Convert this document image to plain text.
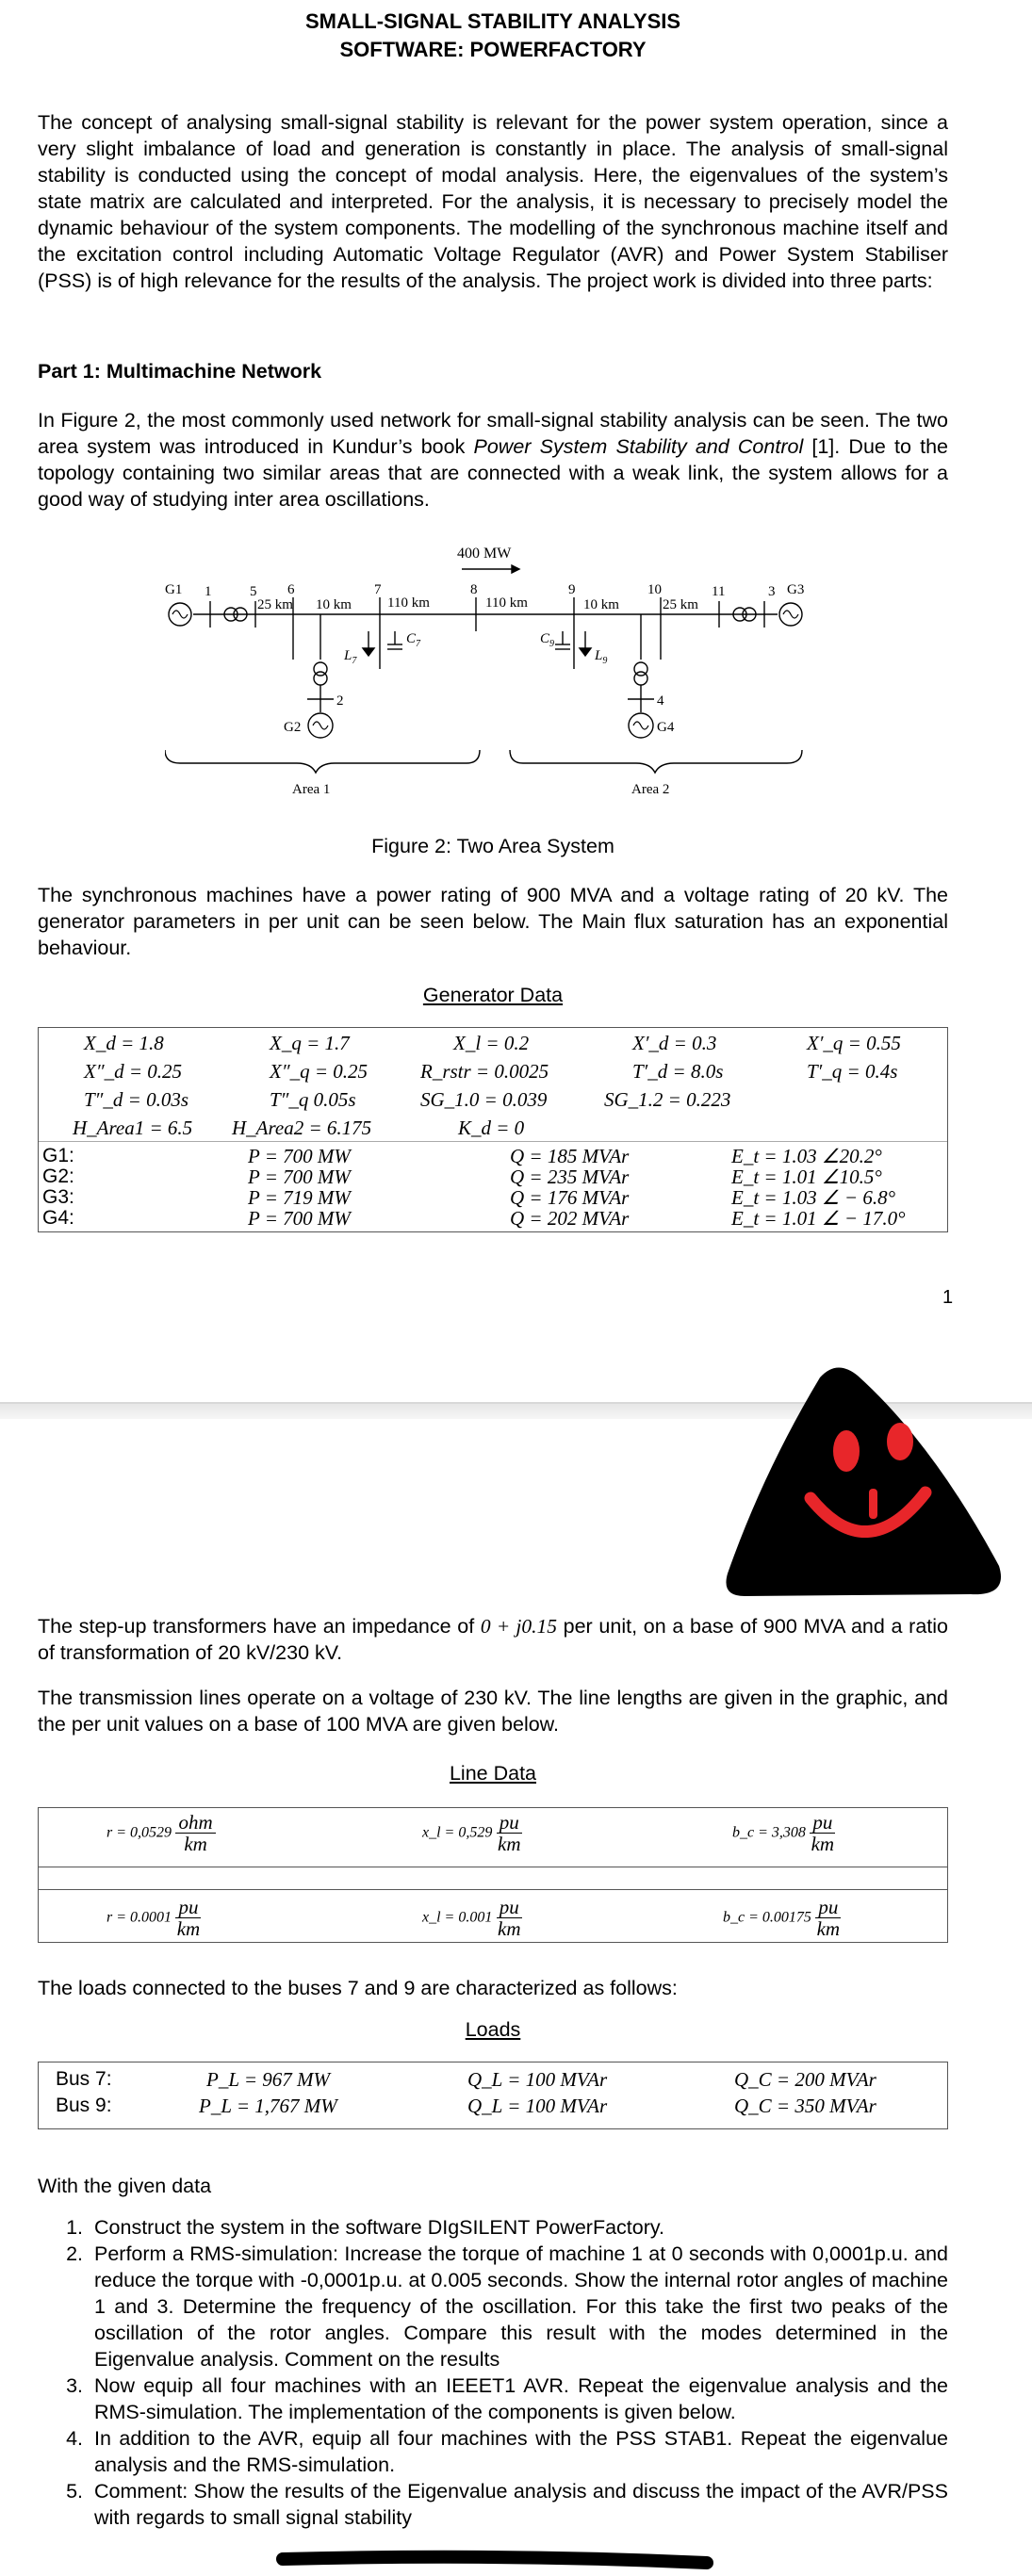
SMALL-SIGNAL STABILITY ANALYSIS
SOFTWARE: POWERFACTORY
The concept of analysing small-signal stability is relevant for the power system operation, since a very slight imbalance of load and generation is constantly in place. The analysis of small-signal stability is conducted using the concept of modal analysis. Here, the eigenvalues of the system’s state matrix are calculated and interpreted. For the analysis, it is necessary to precisely model the dynamic behaviour of the system components. The modelling of the synchronous machine itself and the excitation control including Automatic Voltage Regulator (AVR) and Power System Stabiliser (PSS) is of high relevance for the results of the analysis. The project work is divided into three parts:
Part 1: Multimachine Network
In Figure 2, the most commonly used network for small-signal stability analysis can be seen. The two area system was introduced in Kundur’s book Power System Stability and Control [1]. Due to the topology containing two similar areas that are connected with a weak link, the system allows for a good way of studying inter area oscillations.
400 MW
G1	G3
G2	G4
1	5 6	7	8	9	10	11	3
2	4
25 km 10 km	110 km	110 km	10 km	25 km
$L_7$
$C_7$	$C_9$
$L_9$
Area 1	Area 2
Figure 2: Two Area System
The synchronous machines have a power rating of 900 MVA and a voltage rating of 20 kV. The generator parameters in per unit can be seen below. The Main flux saturation has an exponential behaviour.
Generator Data
X_d = 1.8	X_q = 1.7	X_l = 0.2	X′_d = 0.3	X′_q = 0.55
X″_d = 0.25	X″_q = 0.25	R_rstr = 0.0025	T′_d = 8.0s	T′_q = 0.4s
T″_d = 0.03s	T″_q 0.05s	SG_1.0 = 0.039	SG_1.2 = 0.223
H_Area1 = 6.5 H_Area2 = 6.175	K_d = 0
G1:	P = 700 MW	Q = 185 MVAr	E_t = 1.03 ∠20.2°
G2:	P = 700 MW	Q = 235 MVAr	E_t = 1.01 ∠10.5°
G3:	P = 719 MW	Q = 176 MVAr	E_t = 1.03 ∠ − 6.8°
G4:	P = 700 MW	Q = 202 MVAr	E_t = 1.01 ∠ − 17.0°
1
The step-up transformers have an impedance of 0 + j0.15 per unit, on a base of 900 MVA and a ratio of transformation of 20 kV/230 kV.
The transmission lines operate on a voltage of 230 kV. The line lengths are given in the graphic, and the per unit values on a base of 100 MVA are given below.
Line Data
$r = 0,0529 \frac{\text{ohm}}{km}$	x_l = $0,529 \frac{pu}{km}$	b_c = $3,308 \frac{pu}{km}$
$r = 0.0001 \frac{pu}{km}$	x_l = $0.001 \frac{pu}{km}$	b_c = $0.00175 \frac{pu}{km}$
The loads connected to the buses 7 and 9 are characterized as follows:
Loads
Bus 7:	P_L = 967 MW	Q_L = 100 MVAr	Q_C = 200 MVAr
Bus 9:	P_L = 1,767 MW	Q_L = 100 MVAr	Q_C = 350 MVAr
With the given data
1. Construct the system in the software DIgSILENT PowerFactory.
2. Perform a RMS-simulation: Increase the torque of machine 1 at 0 seconds with 0,0001p.u. and reduce the torque with -0,0001p.u. at 0.005 seconds. Show the internal rotor angles of machine 1 and 3. Determine the frequency of the oscillation. For this take the first two peaks of the oscillation of the rotor angles. Compare this result with the modes determined in the Eigenvalue analysis. Comment on the results
3. Now equip all four machines with an IEEET1 AVR. Repeat the eigenvalue analysis and the RMS-simulation. The implementation of the components is given below.
4. In addition to the AVR, equip all four machines with the PSS STAB1. Repeat the eigenvalue analysis and the RMS-simulation.
5. Comment: Show the results of the Eigenvalue analysis and discuss the impact of the AVR/PSS with regards to small signal stability
